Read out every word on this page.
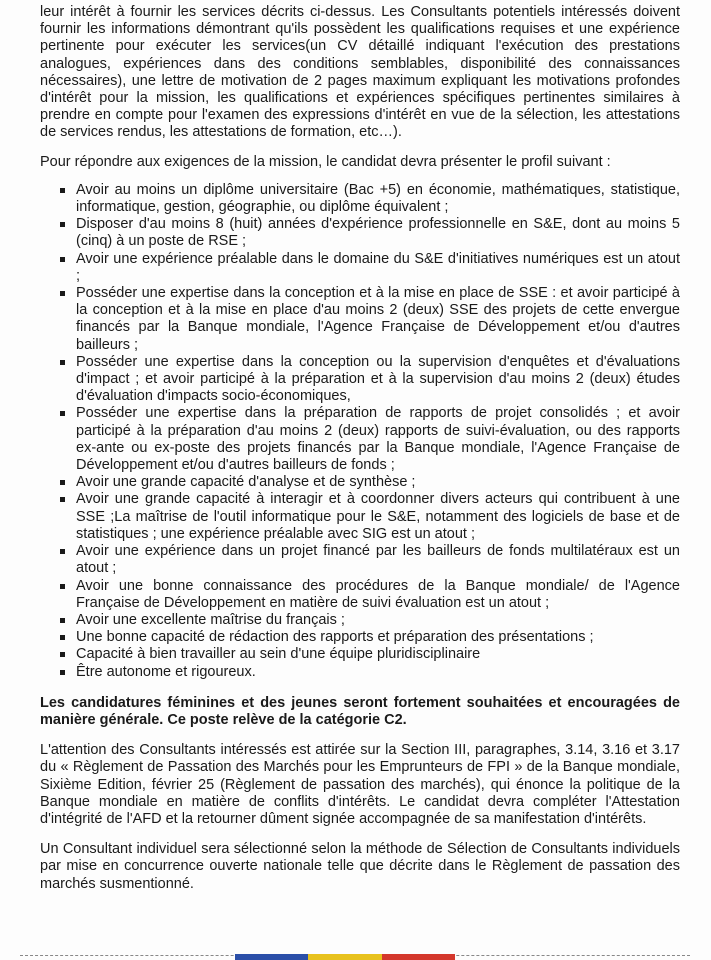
leur intérêt à fournir les services décrits ci-dessus. Les Consultants potentiels intéressés doivent fournir les informations démontrant qu'ils possèdent les qualifications requises et une expérience pertinente pour exécuter les services(un CV détaillé indiquant l'exécution des prestations analogues, expériences dans des conditions semblables, disponibilité des connaissances nécessaires), une lettre de motivation de 2 pages maximum expliquant les motivations profondes d'intérêt pour la mission, les qualifications et expériences spécifiques pertinentes similaires à prendre en compte pour l'examen des expressions d'intérêt en vue de la sélection, les attestations de services rendus, les attestations de formation, etc…).

Pour répondre aux exigences de la mission, le candidat devra présenter le profil suivant :

Avoir au moins un diplôme universitaire (Bac +5) en économie, mathématiques, statistique, informatique, gestion, géographie, ou diplôme équivalent ;
Disposer d'au moins 8 (huit) années d'expérience professionnelle en S&E, dont au moins 5 (cinq) à un poste de RSE ;
Avoir une expérience préalable dans le domaine du S&E d'initiatives numériques est un atout ;
Posséder une expertise dans la conception et à la mise en place de SSE : et avoir participé à la conception et à la mise en place d'au moins 2 (deux) SSE des projets de cette envergue financés par la Banque mondiale, l'Agence Française de Développement et/ou d'autres bailleurs ;
Posséder une expertise dans la conception ou la supervision d'enquêtes et d'évaluations d'impact ; et avoir participé à la préparation et à la supervision d'au moins 2 (deux) études d'évaluation d'impacts socio-économiques,
Posséder une expertise dans la préparation de rapports de projet consolidés ; et avoir participé à la préparation d'au moins 2 (deux) rapports de suivi-évaluation, ou des rapports ex-ante ou ex-poste des projets financés par la Banque mondiale, l'Agence Française de Développement et/ou d'autres bailleurs de fonds ;
Avoir une grande capacité d'analyse et de synthèse ;
Avoir une grande capacité à interagir et à coordonner divers acteurs qui contribuent à une SSE ;La maîtrise de l'outil informatique pour le S&E, notamment des logiciels de base et de statistiques ; une expérience préalable avec SIG est un atout ;
Avoir une expérience dans un projet financé par les bailleurs de fonds multilatéraux est un atout ;
Avoir une bonne connaissance des procédures de la Banque mondiale/ de l'Agence Française de Développement en matière de suivi évaluation est un atout ;
Avoir une excellente maîtrise du français ;
Une bonne capacité de rédaction des rapports et préparation des présentations ;
Capacité à bien travailler au sein d'une équipe pluridisciplinaire
Être autonome et rigoureux.

Les candidatures féminines et des jeunes seront fortement souhaitées et encouragées de manière générale. Ce poste relève de la catégorie C2.

L'attention des Consultants intéressés est attirée sur la Section III, paragraphes, 3.14, 3.16 et 3.17 du « Règlement de Passation des Marchés pour les Emprunteurs de FPI » de la Banque mondiale, Sixième Edition, février 25 (Règlement de passation des marchés), qui énonce la politique de la Banque mondiale en matière de conflits d'intérêts. Le candidat devra compléter l'Attestation d'intégrité de l'AFD et la retourner dûment signée accompagnée de sa manifestation d'intérêts.

Un Consultant individuel sera sélectionné selon la méthode de Sélection de Consultants individuels par mise en concurrence ouverte nationale telle que décrite dans le Règlement de passation des marchés susmentionné.
